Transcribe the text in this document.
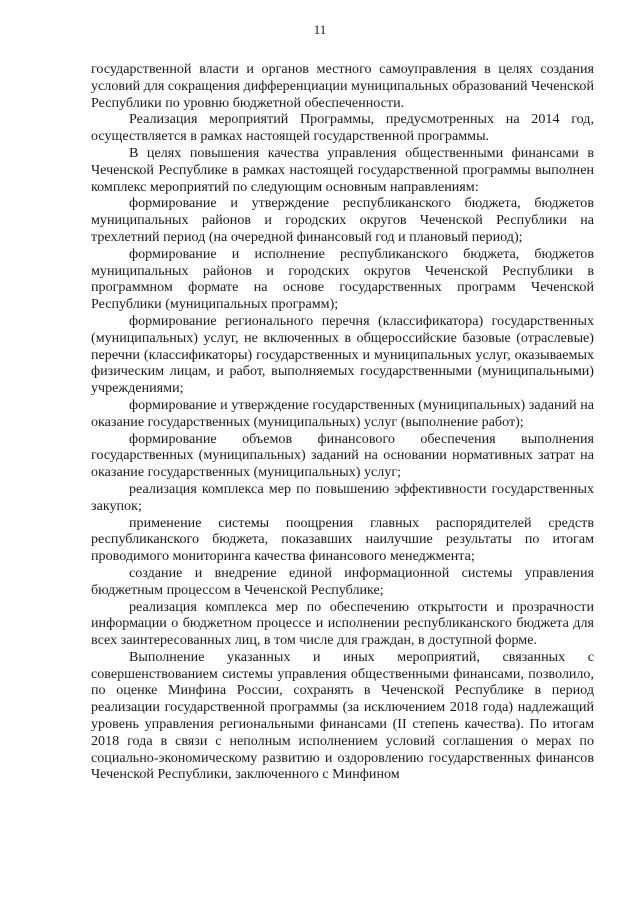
11

государственной власти и органов местного самоуправления в целях создания условий для сокращения дифференциации муниципальных образований Чеченской Республики по уровню бюджетной обеспеченности.

Реализация мероприятий Программы, предусмотренных на 2014 год, осуществляется в рамках настоящей государственной программы.

В целях повышения качества управления общественными финансами в Чеченской Республике в рамках настоящей государственной программы выполнен комплекс мероприятий по следующим основным направлениям:

формирование и утверждение республиканского бюджета, бюджетов муниципальных районов и городских округов Чеченской Республики на трехлетний период (на очередной финансовый год и плановый период);

формирование и исполнение республиканского бюджета, бюджетов муниципальных районов и городских округов Чеченской Республики в программном формате на основе государственных программ Чеченской Республики (муниципальных программ);

формирование регионального перечня (классификатора) государственных (муниципальных) услуг, не включенных в общероссийские базовые (отраслевые) перечни (классификаторы) государственных и муниципальных услуг, оказываемых физическим лицам, и работ, выполняемых государственными (муниципальными) учреждениями;

формирование и утверждение государственных (муниципальных) заданий на оказание государственных (муниципальных) услуг (выполнение работ);

формирование объемов финансового обеспечения выполнения государственных (муниципальных) заданий на основании нормативных затрат на оказание государственных (муниципальных) услуг;

реализация комплекса мер по повышению эффективности государственных закупок;

применение системы поощрения главных распорядителей средств республиканского бюджета, показавших наилучшие результаты по итогам проводимого мониторинга качества финансового менеджмента;

создание и внедрение единой информационной системы управления бюджетным процессом в Чеченской Республике;

реализация комплекса мер по обеспечению открытости и прозрачности информации о бюджетном процессе и исполнении республиканского бюджета для всех заинтересованных лиц, в том числе для граждан, в доступной форме.

Выполнение указанных и иных мероприятий, связанных с совершенствованием системы управления общественными финансами, позволило, по оценке Минфина России, сохранять в Чеченской Республике в период реализации государственной программы (за исключением 2018 года) надлежащий уровень управления региональными финансами (II степень качества). По итогам 2018 года в связи с неполным исполнением условий соглашения о мерах по социально-экономическому развитию и оздоровлению государственных финансов Чеченской Республики, заключенного с Минфином
